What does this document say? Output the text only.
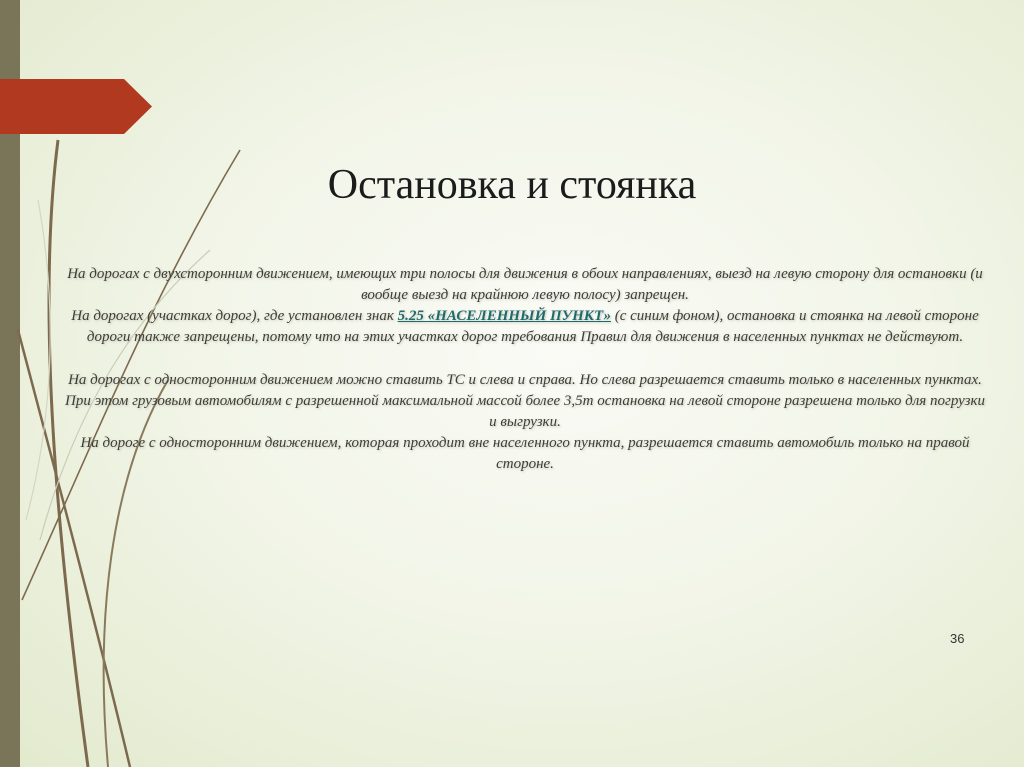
Остановка и стоянка

На дорогах с двухсторонним движением, имеющих три полосы для движения в обоих направлениях, выезд на левую сторону для остановки (и вообще выезд на крайнюю левую полосу) запрещен.

На дорогах (участках дорог), где установлен знак 5.25 «НАСЕЛЕННЫЙ ПУНКТ» (с синим фоном), остановка и стоянка на левой стороне дороги также запрещены, потому что на этих участках дорог требования Правил для движения в населенных пунктах не действуют.

На дорогах с односторонним движением можно ставить ТС и слева и справа. Но слева разрешается ставить только в населенных пунктах. При этом грузовым автомобилям с разрешенной максимальной массой более 3,5т остановка на левой стороне разрешена только для погрузки и выгрузки.

На дороге с односторонним движением, которая проходит вне населенного пункта, разрешается ставить автомобиль только на правой стороне.

36
